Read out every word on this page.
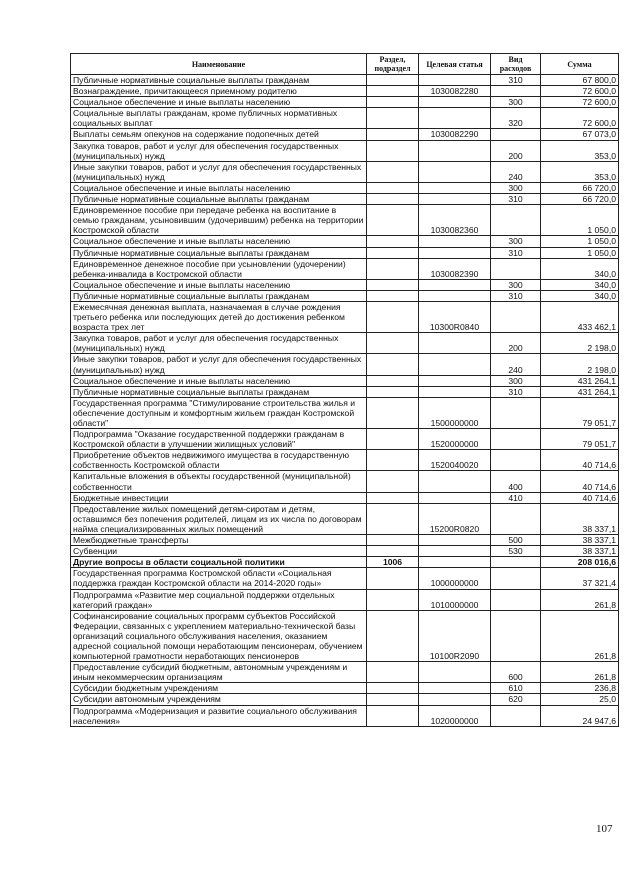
Наименование	Раздел, подраздел	Целевая статья	Вид расходов	Сумма
Публичные нормативные социальные выплаты гражданам			310	67 800,0
Вознаграждение, причитающееся приемному родителю		1030082280		72 600,0
Социальное обеспечение и иные выплаты населению			300	72 600,0
Социальные выплаты гражданам, кроме публичных нормативных социальных выплат			320	72 600,0
Выплаты семьям опекунов на содержание подопечных детей		1030082290		67 073,0
Закупка товаров, работ и услуг для обеспечения государственных (муниципальных) нужд			200	353,0
Иные закупки товаров, работ и услуг для обеспечения государственных (муниципальных) нужд			240	353,0
Социальное обеспечение и иные выплаты населению			300	66 720,0
Публичные нормативные социальные выплаты гражданам			310	66 720,0
Единовременное пособие при передаче ребенка на воспитание в семью гражданам, усыновившим (удочерившим) ребенка на территории Костромской области		1030082360		1 050,0
Социальное обеспечение и иные выплаты населению			300	1 050,0
Публичные нормативные социальные выплаты гражданам			310	1 050,0
Единовременное денежное пособие при усыновлении (удочерении) ребенка-инвалида в Костромской области		1030082390		340,0
Социальное обеспечение и иные выплаты населению			300	340,0
Публичные нормативные социальные выплаты гражданам			310	340,0
Ежемесячная денежная выплата, назначаемая в случае рождения третьего ребенка или последующих детей до достижения ребенком возраста трех лет		10300R0840		433 462,1
Закупка товаров, работ и услуг для обеспечения государственных (муниципальных) нужд			200	2 198,0
Иные закупки товаров, работ и услуг для обеспечения государственных (муниципальных) нужд			240	2 198,0
Социальное обеспечение и иные выплаты населению			300	431 264,1
Публичные нормативные социальные выплаты гражданам			310	431 264,1
Государственная программа "Стимулирование строительства жилья и обеспечение доступным и комфортным жильем граждан Костромской области"		1500000000		79 051,7
Подпрограмма "Оказание государственной поддержки гражданам в Костромской области в улучшении жилищных условий"		1520000000		79 051,7
Приобретение объектов недвижимого имущества в государственную собственность Костромской области		1520040020		40 714,6
Капитальные вложения в объекты государственной (муниципальной) собственности			400	40 714,6
Бюджетные инвестиции			410	40 714,6
Предоставление жилых помещений детям-сиротам и детям, оставшимся без попечения родителей, лицам из их числа по договорам найма специализированных жилых помещений		15200R0820		38 337,1
Межбюджетные трансферты			500	38 337,1
Субвенции			530	38 337,1
Другие вопросы в области социальной политики	1006			208 016,6
Государственная программа Костромской области «Социальная поддержка граждан Костромской области на 2014-2020 годы»		1000000000		37 321,4
Подпрограмма «Развитие мер социальной поддержки отдельных категорий граждан»		1010000000		261,8
Софинансирование социальных программ субъектов Российской Федерации, связанных с укреплением материально-технической базы организаций социального обслуживания населения, оказанием адресной социальной помощи неработающим пенсионерам, обучением компьютерной грамотности неработающих пенсионеров		10100R2090		261,8
Предоставление субсидий бюджетным, автономным учреждениям и иным некоммерческим организациям			600	261,8
Субсидии бюджетным учреждениям			610	236,8
Субсидии автономным учреждениям			620	25,0
Подпрограмма «Модернизация и развитие социального обслуживания населения»		1020000000		24 947,6
107
